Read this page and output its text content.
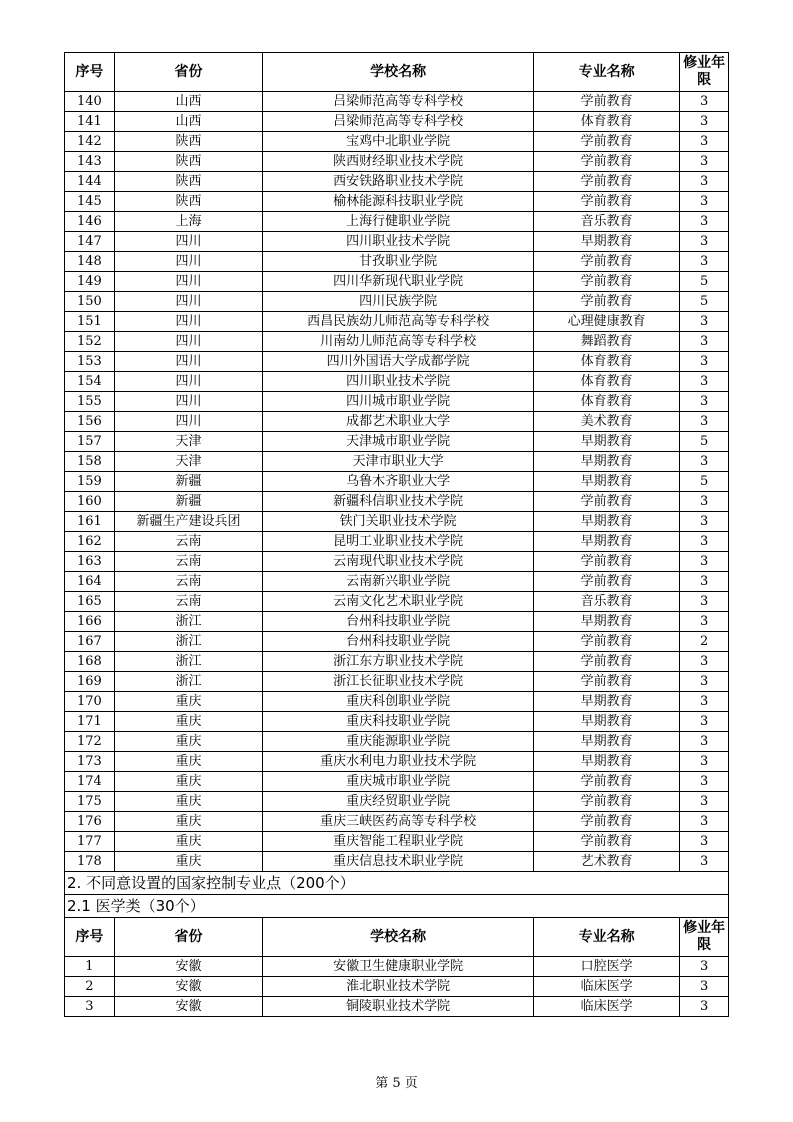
序号	省份	学校名称	专业名称	修业年限
140	山西	吕梁师范高等专科学校	学前教育	3
141	山西	吕梁师范高等专科学校	体育教育	3
142	陕西	宝鸡中北职业学院	学前教育	3
143	陕西	陕西财经职业技术学院	学前教育	3
144	陕西	西安铁路职业技术学院	学前教育	3
145	陕西	榆林能源科技职业学院	学前教育	3
146	上海	上海行健职业学院	音乐教育	3
147	四川	四川职业技术学院	早期教育	3
148	四川	甘孜职业学院	学前教育	3
149	四川	四川华新现代职业学院	学前教育	5
150	四川	四川民族学院	学前教育	5
151	四川	西昌民族幼儿师范高等专科学校	心理健康教育	3
152	四川	川南幼儿师范高等专科学校	舞蹈教育	3
153	四川	四川外国语大学成都学院	体育教育	3
154	四川	四川职业技术学院	体育教育	3
155	四川	四川城市职业学院	体育教育	3
156	四川	成都艺术职业大学	美术教育	3
157	天津	天津城市职业学院	早期教育	5
158	天津	天津市职业大学	早期教育	3
159	新疆	乌鲁木齐职业大学	早期教育	5
160	新疆	新疆科信职业技术学院	学前教育	3
161	新疆生产建设兵团	铁门关职业技术学院	早期教育	3
162	云南	昆明工业职业技术学院	早期教育	3
163	云南	云南现代职业技术学院	学前教育	3
164	云南	云南新兴职业学院	学前教育	3
165	云南	云南文化艺术职业学院	音乐教育	3
166	浙江	台州科技职业学院	早期教育	3
167	浙江	台州科技职业学院	学前教育	2
168	浙江	浙江东方职业技术学院	学前教育	3
169	浙江	浙江长征职业技术学院	学前教育	3
170	重庆	重庆科创职业学院	早期教育	3
171	重庆	重庆科技职业学院	早期教育	3
172	重庆	重庆能源职业学院	早期教育	3
173	重庆	重庆水利电力职业技术学院	早期教育	3
174	重庆	重庆城市职业学院	学前教育	3
175	重庆	重庆经贸职业学院	学前教育	3
176	重庆	重庆三峡医药高等专科学校	学前教育	3
177	重庆	重庆智能工程职业学院	学前教育	3
178	重庆	重庆信息技术职业学院	艺术教育	3
2. 不同意设置的国家控制专业点（200个）				
2.1 医学类（30个）				
序号	省份	学校名称	专业名称	修业年限
1	安徽	安徽卫生健康职业学院	口腔医学	3
2	安徽	淮北职业技术学院	临床医学	3
3	安徽	铜陵职业技术学院	临床医学	3
第 5 页
